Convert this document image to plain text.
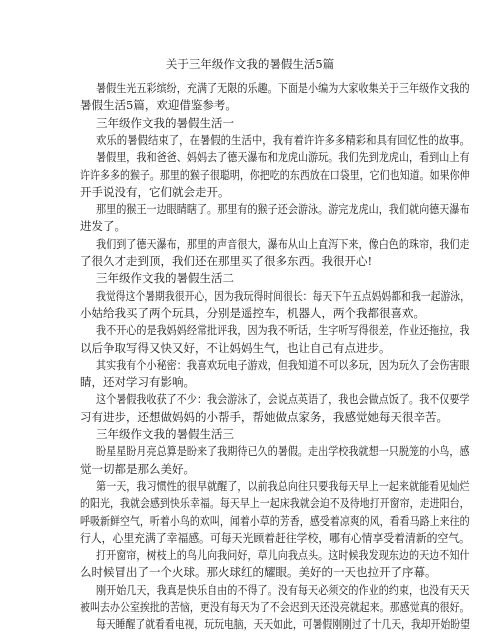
关于三年级作文我的暑假生活5篇

暑假生光五彩缤纷，充满了无限的乐趣。下面是小编为大家收集关于三年级作文我的

暑假生活5篇，欢迎借鉴参考。

三年级作文我的暑假生活一

欢乐的暑假结束了，在暑假的生活中，我有着许许多多精彩和具有回忆性的故事。

暑假里，我和爸爸、妈妈去了德天瀑布和龙虎山游玩。我们先到龙虎山，看到山上有

许许多多的猴子。那里的猴子很聪明，你把吃的东西放在口袋里，它们也知道。如果你伸

开手说没有，它们就会走开。

那里的猴王一边眼睛瞎了。那里有的猴子还会游泳。游完龙虎山，我们就向德天瀑布

进发了。

我们到了德天瀑布，那里的声音很大，瀑布从山上直泻下来，像白色的珠帘，我们走

了很久才走到顶，我们还在那里买了很多东西。我很开心!

三年级作文我的暑假生活二

我觉得这个暑期我很开心，因为我玩得时间很长：每天下午五点妈妈都和我一起游泳，

小姑给我买了两个玩具，分别是遥控车，机器人，两个我都很喜欢。

我不开心的是我妈妈经常批评我，因为我不听话，生字听写得很差，作业还拖拉，我

以后争取写得又快又好，不让妈妈生气，也让自己有点进步。

其实我有个小秘密：我喜欢玩电子游戏，但我知道不可以多玩，因为玩久了会伤害眼

睛，还对学习有影响。

这个暑假我收获了不少：我会游泳了，会说点英语了，我也会做点饭了。我不仅要学

习有进步，还想做妈妈的小帮手，帮她做点家务，我感觉她每天很辛苦。

三年级作文我的暑假生活三

盼星星盼月亮总算是盼来了我期待已久的暑假。走出学校我就想一只脱笼的小鸟，感

觉一切都是那么美好。

第一天，我习惯性的很早就醒了，以前我总向往只要我每天早上一起来就能看见灿烂

的阳光，我就会感到快乐幸福。每天早上一起床我就会迫不及待地打开窗帘，走进阳台，

呼吸新鲜空气，听着小鸟的欢叫，闻着小草的芳香，感受着凉爽的风，看看马路上来往的

行人，心里充满了幸福感。可每天光顾着赶往学校，哪有心情享受着清新的空气。

打开窗帘，树枝上的鸟儿向我问好，草儿向我点头。这时候我发现东边的天边不知什

么时候冒出了一个火球。那火球红的耀眼。美好的一天也拉开了序幕。

刚开始几天，我真是快乐自由的不得了。没有每天必须交的作业的约束，也没有天天

被叫去办公室挨批的苦恼，更没有每天为了不会迟到天还没亮就起来。那感觉真的很好。

每天睡醒了就看看电视，玩玩电脑，天天如此，可暑假刚刚过了十几天，我却开始盼望
